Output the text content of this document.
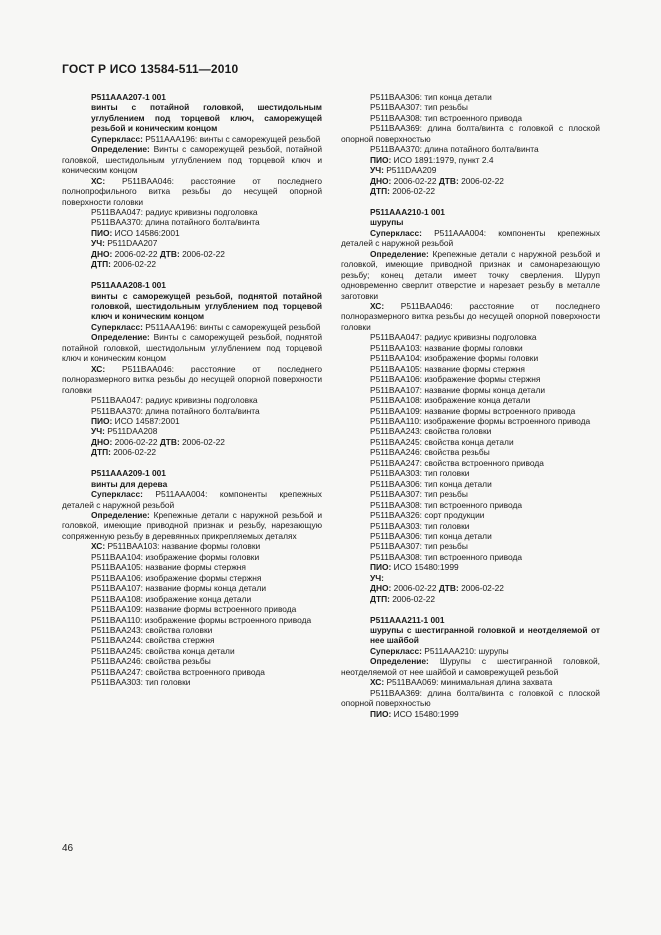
ГОСТ Р ИСО 13584-511—2010

P511AAA207-1 001

винты с потайной головкой, шестидольным углублением под торцевой ключ, саморежущей резьбой и коническим концом

Суперкласс: P511AAA196: винты с саморежущей резьбой

Определение: Винты с саморежущей резьбой, потайной головкой, шестидольным углублением под торцевой ключ и коническим концом

ХС: P511BAA046: расстояние от последнего полнопрофильного витка резьбы до несущей опорной поверхности головки

P511BAA047: радиус кривизны подголовка

P511BAA370: длина потайного болта/винта

ПИО: ИСО 14586:2001

УЧ: P511DAA207

ДНО: 2006-02-22 ДТВ: 2006-02-22

ДТП: 2006-02-22

P511AAA208-1 001

винты с саморежущей резьбой, поднятой потайной головкой, шестидольным углублением под торцевой ключ и коническим концом

Суперкласс: P511AAA196: винты с саморежущей резьбой

Определение: Винты с саморежущей резьбой, поднятой потайной головкой, шестидольным углублением под торцевой ключ и коническим концом

ХС: P511BAA046: расстояние от последнего полноразмерного витка резьбы до несущей опорной поверхности головки

P511BAA047: радиус кривизны подголовка

P511BAA370: длина потайного болта/винта

ПИО: ИСО 14587:2001

УЧ: P511DAA208

ДНО: 2006-02-22 ДТВ: 2006-02-22

ДТП: 2006-02-22

P511AAA209-1 001

винты для дерева

Суперкласс: P511AAA004: компоненты крепежных деталей с наружной резьбой

Определение: Крепежные детали с наружной резьбой и головкой, имеющие приводной признак и резьбу, нарезающую сопряженную резьбу в деревянных прикрепляемых деталях

ХС: P511BAA103: название формы головки

P511BAA104: изображение формы головки

P511BAA105: название формы стержня

P511BAA106: изображение формы стержня

P511BAA107: название формы конца детали

P511BAA108: изображение конца детали

P511BAA109: название формы встроенного привода

P511BAA110: изображение формы встроенного привода

P511BAA243: свойства головки

P511BAA244: свойства стержня

P511BAA245: свойства конца детали

P511BAA246: свойства резьбы

P511BAA247: свойства встроенного привода

P511BAA303: тип головки

P511BAA306: тип конца детали

P511BAA307: тип резьбы

P511BAA308: тип встроенного привода

P511BAA369: длина болта/винта с головкой с плоской опорной поверхностью

P511BAA370: длина потайного болта/винта

ПИО: ИСО 1891:1979, пункт 2.4

УЧ: P511DAA209

ДНО: 2006-02-22 ДТВ: 2006-02-22

ДТП: 2006-02-22

P511AAA210-1 001

шурупы

Суперкласс: P511AAA004: компоненты крепежных деталей с наружной резьбой

Определение: Крепежные детали с наружной резьбой и головкой, имеющие приводной признак и самонарезающую резьбу; конец детали имеет точку сверления. Шуруп одновременно сверлит отверстие и нарезает резьбу в металле заготовки

ХС: P511BAA046: расстояние от последнего полноразмерного витка резьбы до несущей опорной поверхности головки

P511BAA047: радиус кривизны подголовка

P511BAA103: название формы головки

P511BAA104: изображение формы головки

P511BAA105: название формы стержня

P511BAA106: изображение формы стержня

P511BAA107: название формы конца детали

P511BAA108: изображение конца детали

P511BAA109: название формы встроенного привода

P511BAA110: изображение формы встроенного привода

P511BAA243: свойства головки

P511BAA245: свойства конца детали

P511BAA246: свойства резьбы

P511BAA247: свойства встроенного привода

P511BAA303: тип головки

P511BAA306: тип конца детали

P511BAA307: тип резьбы

P511BAA308: тип встроенного привода

P511BAA326: сорт продукции

P511BAA303: тип головки

P511BAA306: тип конца детали

P511BAA307: тип резьбы

P511BAA308: тип встроенного привода

ПИО: ИСО 15480:1999

УЧ:

ДНО: 2006-02-22 ДТВ: 2006-02-22

ДТП: 2006-02-22

P511AAA211-1 001

шурупы с шестигранной головкой и неотделяемой от нее шайбой

Суперкласс: P511AAA210: шурупы

Определение: Шурупы с шестигранной головкой, неотделяемой от нее шайбой и самоврежущей резьбой

ХС: P511BAA069: минимальная длина захвата

P511BAA369: длина болта/винта с головкой с плоской опорной поверхностью

ПИО: ИСО 15480:1999

46
